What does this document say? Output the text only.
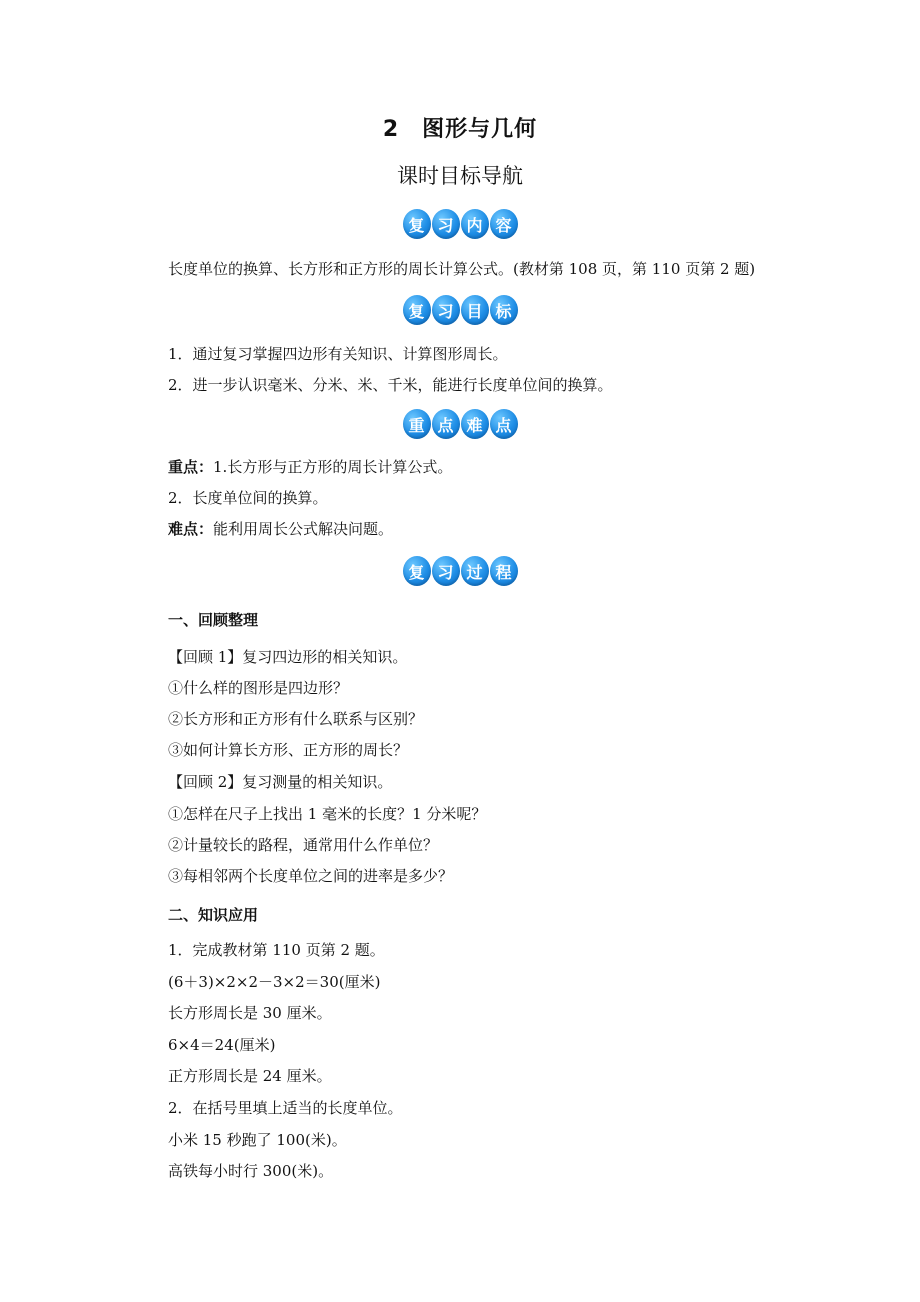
2　图形与几何
课时目标导航
复 习 内 容
长度单位的换算、长方形和正方形的周长计算公式。(教材第 108 页，第 110 页第 2 题)
复 习 目 标
1．通过复习掌握四边形有关知识、计算图形周长。
2．进一步认识毫米、分米、米、千米，能进行长度单位间的换算。
重 点 难 点
重点：1.长方形与正方形的周长计算公式。
2．长度单位间的换算。
难点：能利用周长公式解决问题。
复 习 过 程
一、回顾整理
【回顾 1】复习四边形的相关知识。
①什么样的图形是四边形？
②长方形和正方形有什么联系与区别？
③如何计算长方形、正方形的周长？
【回顾 2】复习测量的相关知识。
①怎样在尺子上找出 1 毫米的长度？1 分米呢？
②计量较长的路程，通常用什么作单位？
③每相邻两个长度单位之间的进率是多少？
二、知识应用
1．完成教材第 110 页第 2 题。
(6＋3)×2×2－3×2＝30(厘米)
长方形周长是 30 厘米。
6×4＝24(厘米)
正方形周长是 24 厘米。
2．在括号里填上适当的长度单位。
小米 15 秒跑了 100(米)。
高铁每小时行 300(米)。
